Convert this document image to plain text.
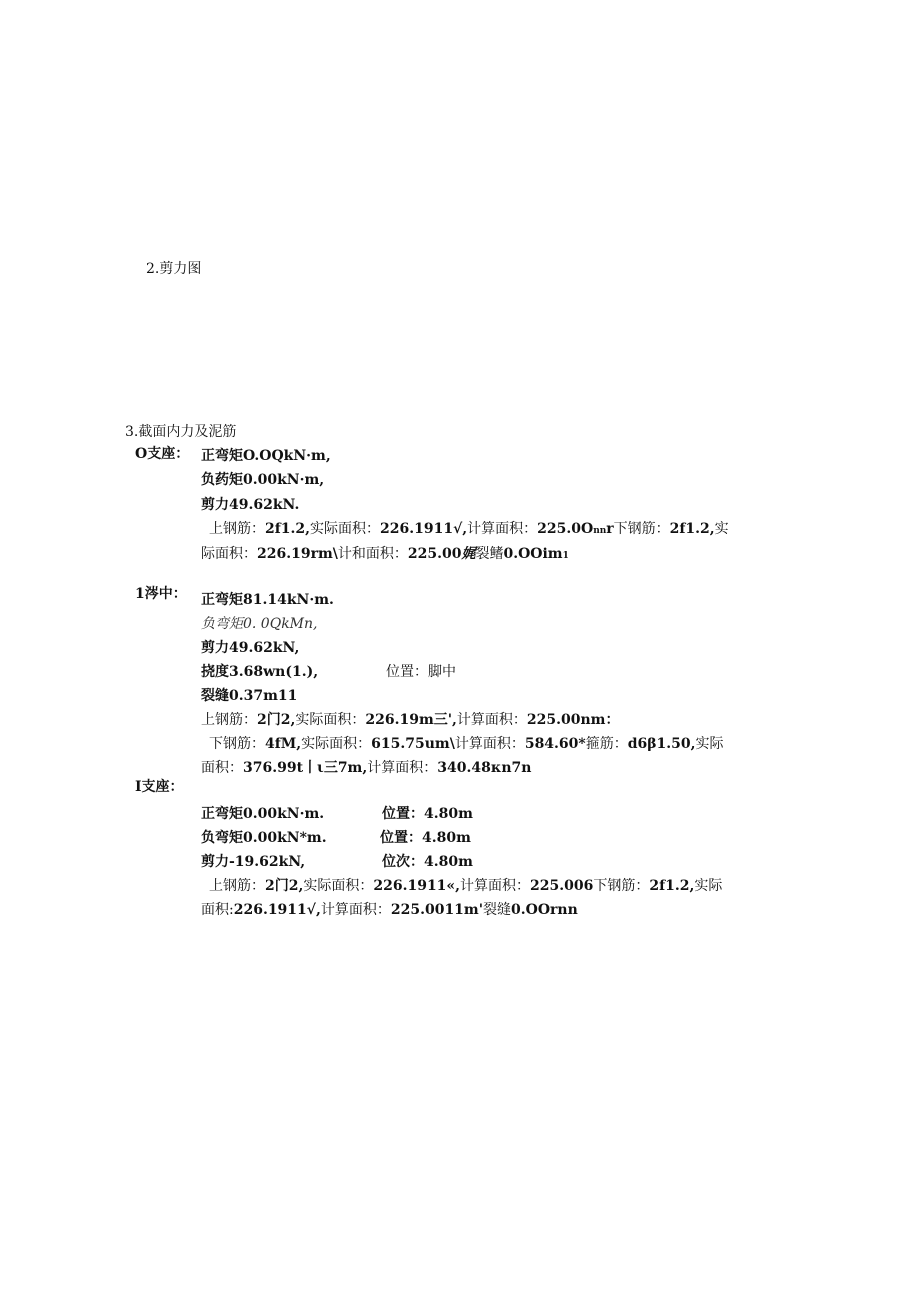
2.剪力图
3.截面内力及泥筋
O支座： 正弯矩O.OQkN·m,
负药矩0.00kN·m,
剪力49.62kN.
上钢筋：2f1.2,实际面积：226.1911√,计算面积：225.0Onnr下钢筋：2f1.2,实
际面积：226.19rm\计和面积：225.00娓裂鳍0.OOim1
1涔中： 正弯矩81.14kN·m.
负弯矩0. 0QkMn,
剪力49.62kN,
挠度3.68wn(1.),	位置：脚中
裂缝0.37m11
上钢筋：2门2,实际面积：226.19m三',计算面积：225.00nm：
下钢筋：4fM,实际面积：615.75um\计算面积：584.60*箍筋：d6β1.50,实际
面积：376.99t丨ι三7m,计算面积：340.48κn7n
I支座：
正弯矩0.00kN·m.	位置：4.80m
负弯矩0.00kN*m.	位置：4.80m
剪力-19.62kN,	位次：4.80m
上钢筋：2门2,实际面积：226.1911«,计算面积：225.006下钢筋：2f1.2,实际
面积:226.1911√,计算面积：225.0011m'裂缝0.OOrnn
